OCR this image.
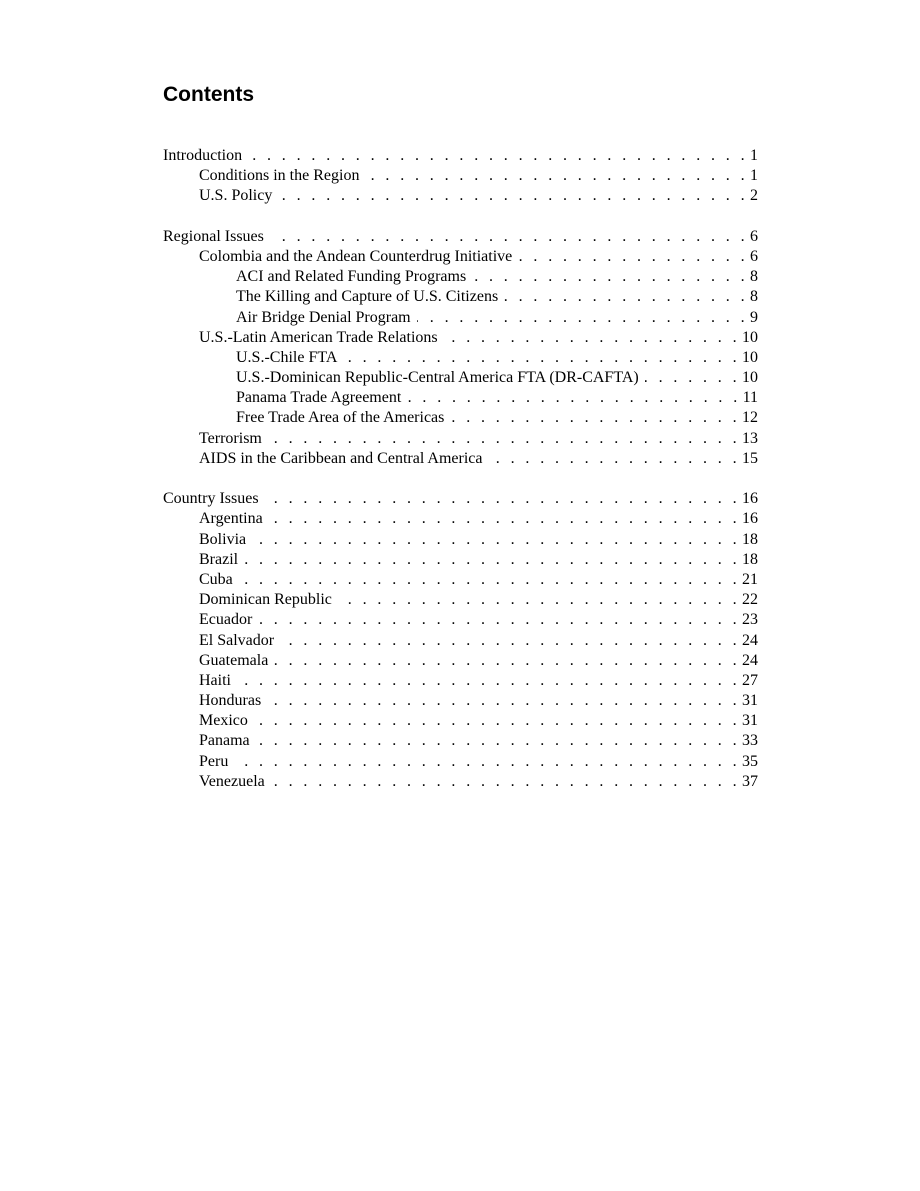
Contents
Introduction . . .	1
Conditions in the Region . . .	1
U.S. Policy . . .	2
Regional Issues . . .	6
Colombia and the Andean Counterdrug Initiative . . .	6
ACI and Related Funding Programs . . .	8
The Killing and Capture of U.S. Citizens . . .	8
Air Bridge Denial Program . . .	9
U.S.-Latin American Trade Relations . . .	10
U.S.-Chile FTA . . .	10
U.S.-Dominican Republic-Central America FTA (DR-CAFTA) . . .	10
Panama Trade Agreement . . .	11
Free Trade Area of the Americas . . .	12
Terrorism . . .	13
AIDS in the Caribbean and Central America . . .	15
Country Issues . . .	16
Argentina . . .	16
Bolivia . . .	18
Brazil . . .	18
Cuba . . .	21
Dominican Republic . . .	22
Ecuador . . .	23
El Salvador . . .	24
Guatemala . . .	24
Haiti . . .	27
Honduras . . .	31
Mexico . . .	31
Panama . . .	33
Peru . . .	35
Venezuela . . .	37
